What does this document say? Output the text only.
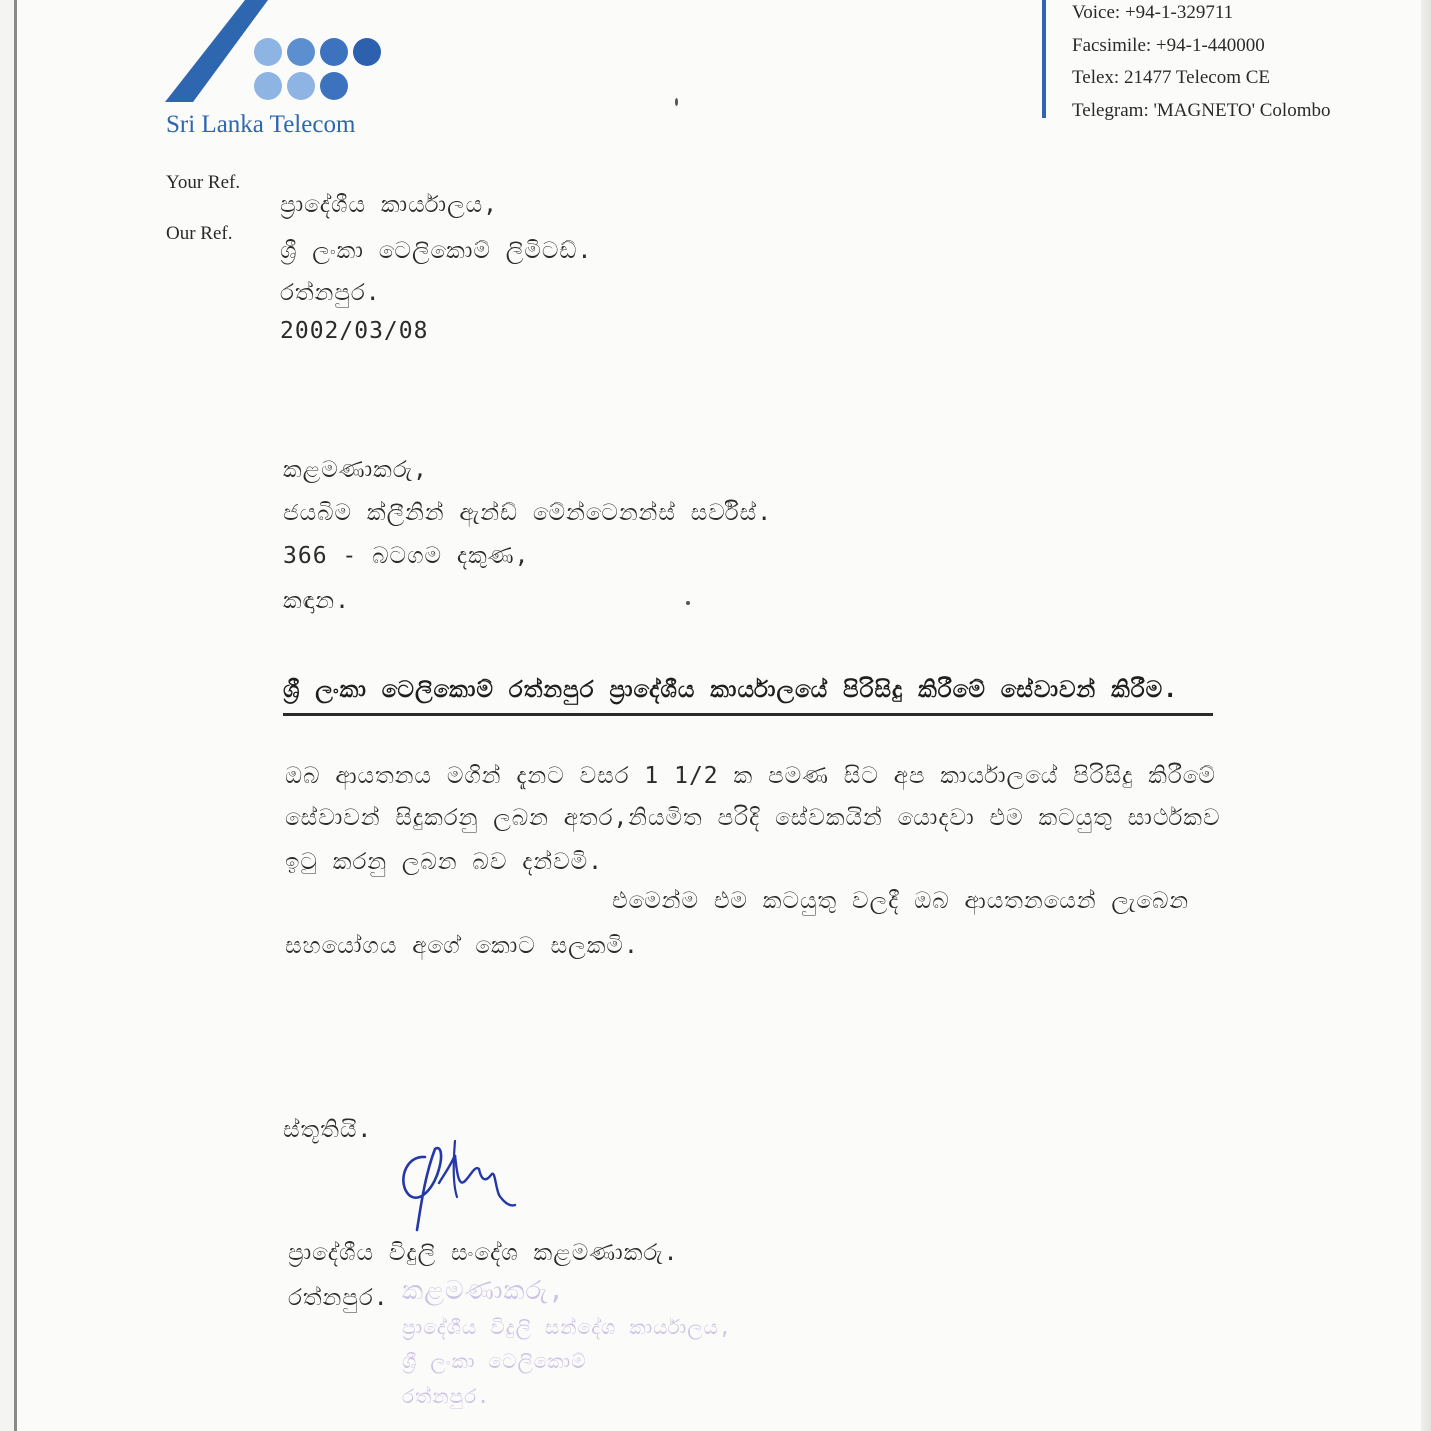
Sri Lanka Telecom
Voice: +94-1-329711
Facsimile: +94-1-440000
Telex: 21477 Telecom CE
Telegram: 'MAGNETO' Colombo
Your Ref.
Our Ref.
ප්‍රාදේශීය කාර්යාලය,
ශ්‍රී ලංකා ටෙලිකොම් ලිමිටඩ්.
රත්නපුර.
2002/03/08
කළමණාකරු,
ජයබිම ක්ලීනින් ඇන්ඩ් මේන්ටෙනන්ස් සර්විස්.
366 - බටගම දකුණ,
කඳාන.
ශ්‍රී ලංකා ටෙලිකොම් රත්නපුර ප්‍රාදේශීය කාර්යාලයේ පිරිසිදු කිරීමේ සේවාවන් කිරීම.
ඔබ ආයතනය මගින් දැනට වසර 1 1/2 ක පමණ සිට අප කාර්යාලයේ පිරිසිදු කිරීමේ
සේවාවන් සිදුකරනු ලබන අතර,නියමිත පරිදි සේවකයින් යොදවා එම කටයුතු සාර්ථකව
ඉටු කරනු ලබන බව දන්වමි.
එමෙන්ම එම කටයුතු වලදී ඔබ ආයතනයෙන් ලැබෙන
සහයෝගය අගේ කොට සලකමි.
ස්තූතියි.
ප්‍රාදේශීය විදුලි සංදේශ කළමණාකරු.
රත්නපුර. කළමණාකරු,
ප්‍රාදේශීය විදුලි සන්දේශ කාර්යාලය,
ශ්‍රී ලංකා ටෙලිකොම්
රත්නපුර.
